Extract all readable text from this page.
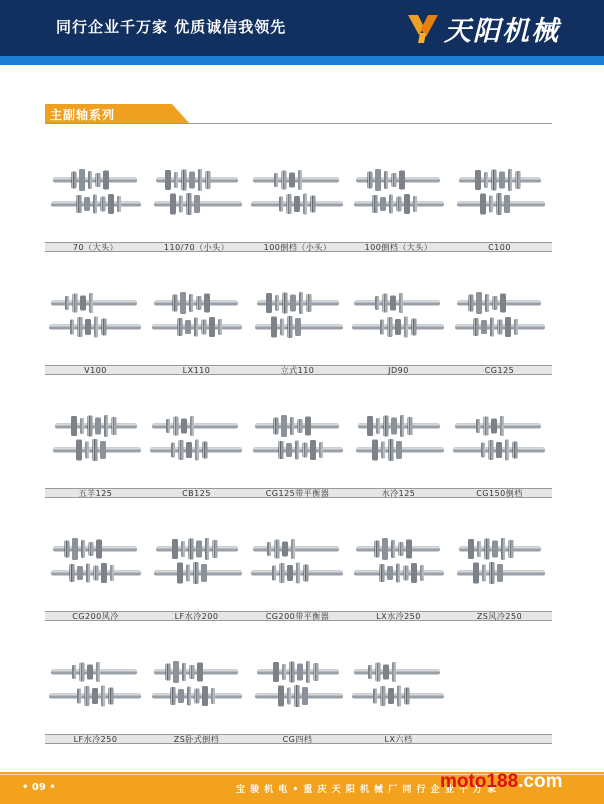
同行企业千万家 优质诚信我领先	天阳机械
主副轴系列
70（大头）	110/70（小头）	100倒档（小头）	100倒档（大头）	C100
V100	LX110	立式110	JD90	CG125
五羊125	CB125	CG125带平衡器	水冷125	CG150倒档
CG200风冷	LF水冷200	CG200带平衡器	LX水冷250	ZS风冷250
LF水冷250	ZS卧式倒档	CG四档	LX六档
• 09 •	宝 骏 机 电 • 重 庆 天 阳 机 械 厂 同 行 企 业 千 万 家
moto188.com
